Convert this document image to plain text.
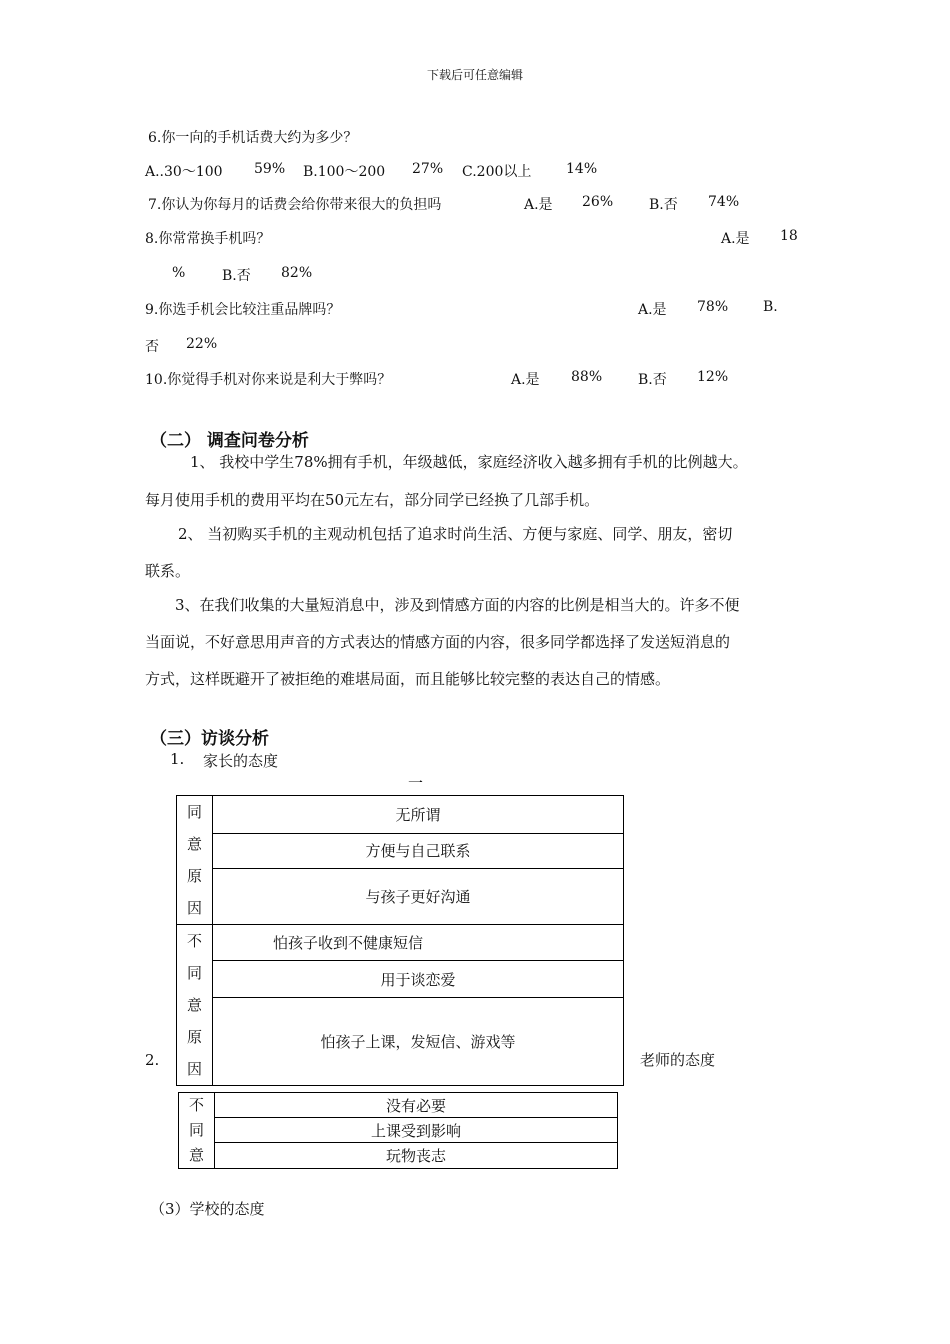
下载后可任意编辑
6.你一向的手机话费大约为多少？
A..30～100 59% B.100～200 27% C.200以上 14%
7.你认为你每月的话费会给你带来很大的负担吗	A.是 26%	B.否 74%
8.你常常换手机吗？	A.是 18
%	B.否 82%
9.你选手机会比较注重品牌吗？	A.是 78% B.
否 22%
10.你觉得手机对你来说是利大于弊吗？	A.是 88%	B.否 12%
（二） 调查问卷分析
1、 我校中学生78%拥有手机，年级越低，家庭经济收入越多拥有手机的比例越大。
每月使用手机的费用平均在50元左右，部分同学已经换了几部手机。
2、 当初购买手机的主观动机包括了追求时尚生活、方便与家庭、同学、朋友，密切
联系。
3、在我们收集的大量短消息中，涉及到情感方面的内容的比例是相当大的。许多不便
当面说，不好意思用声音的方式表达的情感方面的内容，很多同学都选择了发送短消息的
方式，这样既避开了被拒绝的难堪局面，而且能够比较完整的表达自己的情感。
（三）访谈分析
1. 家长的态度
一
同
意
原
因	无所谓
	方便与自己联系
	与孩子更好沟通

不
同
意
原
因	怕孩子收到不健康短信
	用于谈恋爱
	怕孩子上课，发短信、游戏等
2.	老师的态度
不
同
意
	没有必要
上课受到影响
玩物丧志
（3）学校的态度
